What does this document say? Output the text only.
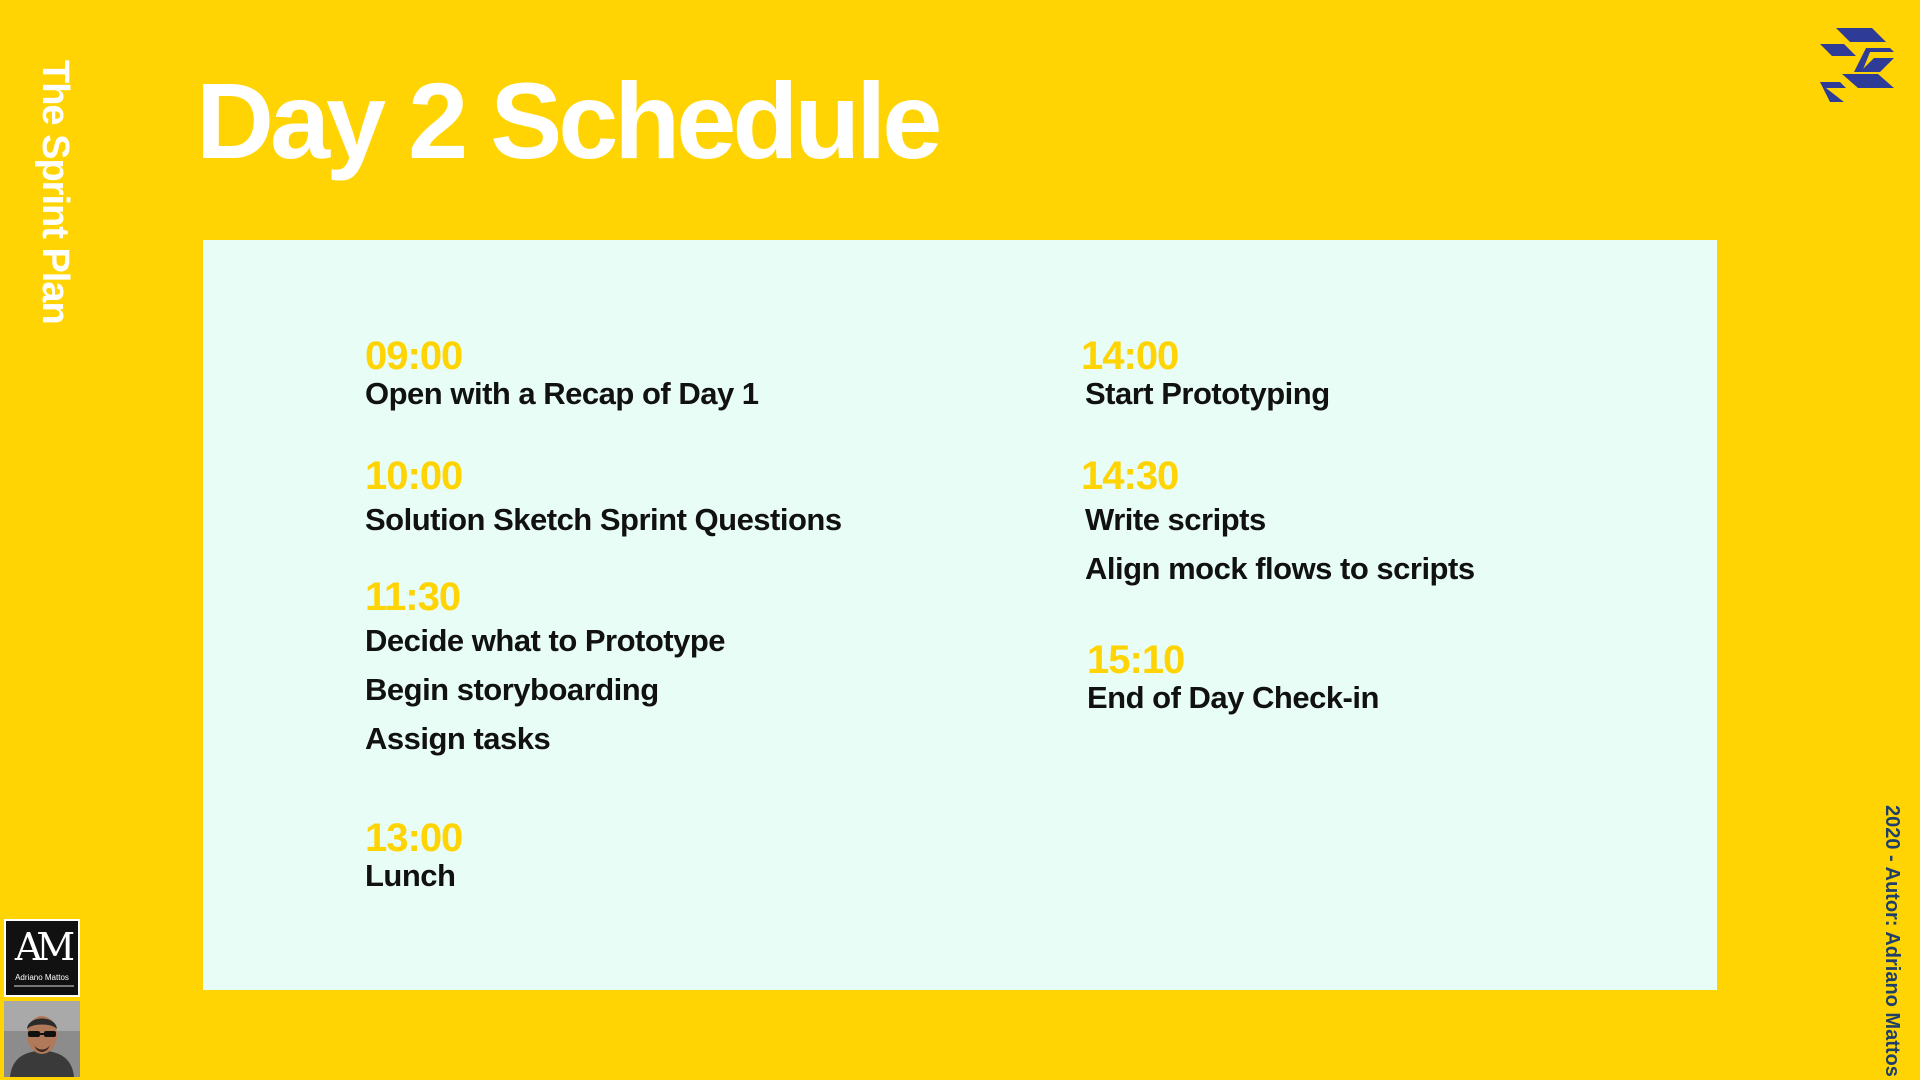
The Sprint Plan Day 2 Schedule
09:00
Open with a Recap of Day 1
10:00
Solution Sketch Sprint Questions
11:30
Decide what to Prototype
Begin storyboarding
Assign tasks
13:00
Lunch
14:00
Start Prototyping
14:30
Write scripts
Align mock flows to scripts
15:10
End of Day Check-in
AM
Adriano Mattos	2020 - Autor: Adriano Mattos
